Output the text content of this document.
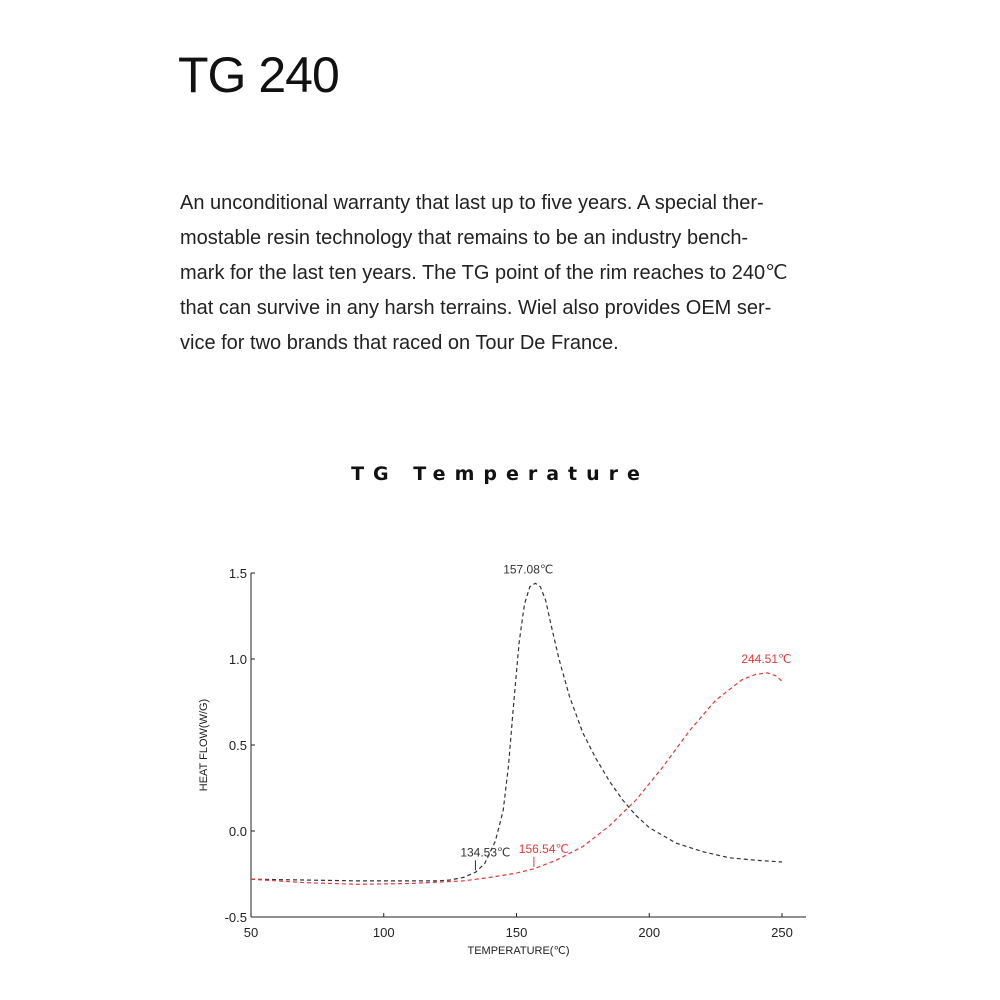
TG 240

An unconditional warranty that last up to five years. A special ther-

mostable resin technology that remains to be an industry bench-

mark for the last ten years. The TG point of the rim reaches to 240℃

that can survive in any harsh terrains. Wiel also provides OEM ser-

vice for two brands that raced on Tour De France.

TG Temperature
50	100	150	200	250
-0.5
0.0
0.5
1.0
1.5
TEMPERATURE(℃)
HEAT FLOW(W/G)
157.08℃
134.53℃ 156.54℃
244.51℃
